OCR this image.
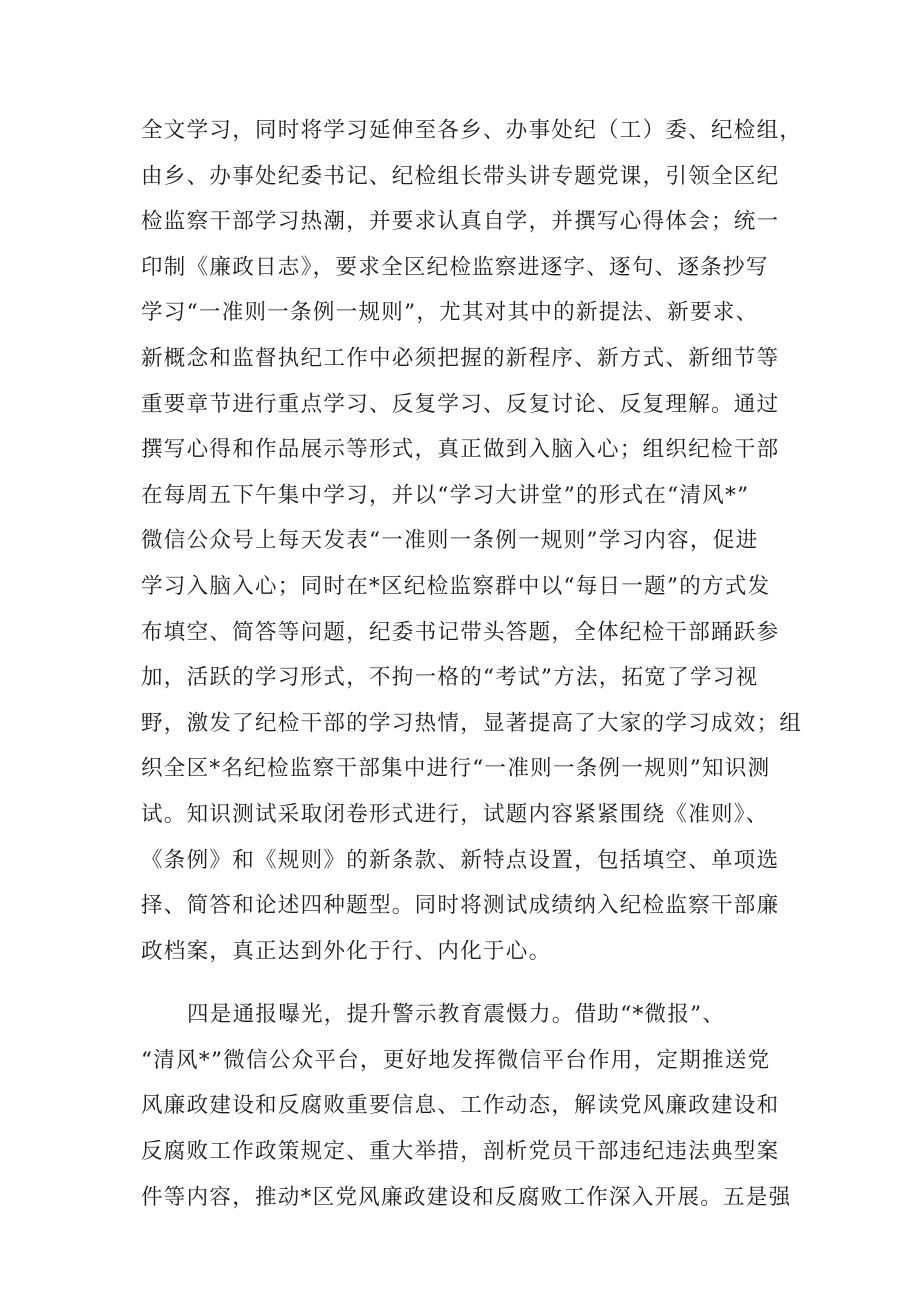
全文学习，同时将学习延伸至各乡、办事处纪（工）委、纪检组，
由乡、办事处纪委书记、纪检组长带头讲专题党课，引领全区纪
检监察干部学习热潮，并要求认真自学，并撰写心得体会；统一
印制《廉政日志》，要求全区纪检监察进逐字、逐句、逐条抄写
学习“一准则一条例一规则”，尤其对其中的新提法、新要求、
新概念和监督执纪工作中必须把握的新程序、新方式、新细节等
重要章节进行重点学习、反复学习、反复讨论、反复理解。通过
撰写心得和作品展示等形式，真正做到入脑入心；组织纪检干部
在每周五下午集中学习，并以“学习大讲堂”的形式在“清风*”
微信公众号上每天发表“一准则一条例一规则”学习内容，促进
学习入脑入心；同时在*区纪检监察群中以“每日一题”的方式发
布填空、简答等问题，纪委书记带头答题，全体纪检干部踊跃参
加，活跃的学习形式，不拘一格的“考试”方法，拓宽了学习视
野，激发了纪检干部的学习热情，显著提高了大家的学习成效；组
织全区*名纪检监察干部集中进行“一准则一条例一规则”知识测
试。知识测试采取闭卷形式进行，试题内容紧紧围绕《准则》、
《条例》和《规则》的新条款、新特点设置，包括填空、单项选
择、简答和论述四种题型。同时将测试成绩纳入纪检监察干部廉
政档案，真正达到外化于行、内化于心。
四是通报曝光，提升警示教育震慑力。借助“*微报”、
“清风*”微信公众平台，更好地发挥微信平台作用，定期推送党
风廉政建设和反腐败重要信息、工作动态，解读党风廉政建设和
反腐败工作政策规定、重大举措，剖析党员干部违纪违法典型案
件等内容，推动*区党风廉政建设和反腐败工作深入开展。五是强
